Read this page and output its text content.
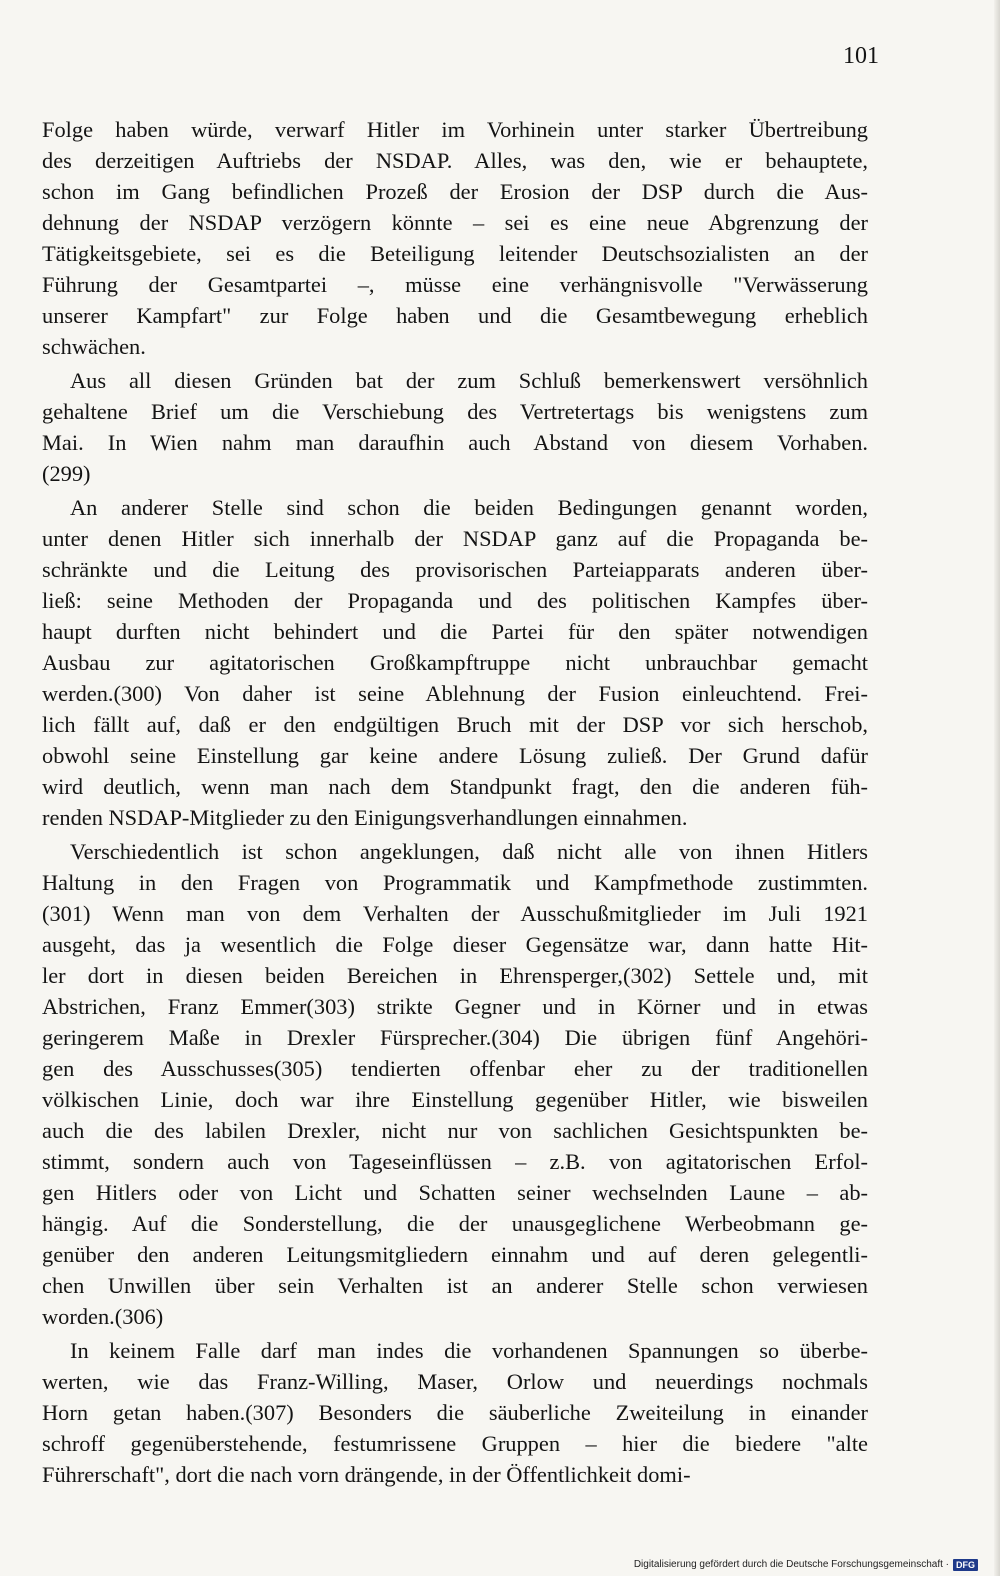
101
Folge haben würde, verwarf Hitler im Vorhinein unter starker Übertreibung
des derzeitigen Auftriebs der NSDAP. Alles, was den, wie er behauptete,
schon im Gang befindlichen Prozeß der Erosion der DSP durch die Aus-
dehnung der NSDAP verzögern könnte – sei es eine neue Abgrenzung der
Tätigkeitsgebiete, sei es die Beteiligung leitender Deutschsozialisten an der
Führung der Gesamtpartei –, müsse eine verhängnisvolle "Verwässerung
unserer Kampfart" zur Folge haben und die Gesamtbewegung erheblich
schwächen.
Aus all diesen Gründen bat der zum Schluß bemerkenswert versöhnlich
gehaltene Brief um die Verschiebung des Vertretertags bis wenigstens zum
Mai. In Wien nahm man daraufhin auch Abstand von diesem Vorhaben.
(299)
An anderer Stelle sind schon die beiden Bedingungen genannt worden,
unter denen Hitler sich innerhalb der NSDAP ganz auf die Propaganda be-
schränkte und die Leitung des provisorischen Parteiapparats anderen über-
ließ: seine Methoden der Propaganda und des politischen Kampfes über-
haupt durften nicht behindert und die Partei für den später notwendigen
Ausbau zur agitatorischen Großkampftruppe nicht unbrauchbar gemacht
werden.(300) Von daher ist seine Ablehnung der Fusion einleuchtend. Frei-
lich fällt auf, daß er den endgültigen Bruch mit der DSP vor sich herschob,
obwohl seine Einstellung gar keine andere Lösung zuließ. Der Grund dafür
wird deutlich, wenn man nach dem Standpunkt fragt, den die anderen füh-
renden NSDAP-Mitglieder zu den Einigungsverhandlungen einnahmen.
Verschiedentlich ist schon angeklungen, daß nicht alle von ihnen Hitlers
Haltung in den Fragen von Programmatik und Kampfmethode zustimmten.
(301) Wenn man von dem Verhalten der Ausschußmitglieder im Juli 1921
ausgeht, das ja wesentlich die Folge dieser Gegensätze war, dann hatte Hit-
ler dort in diesen beiden Bereichen in Ehrensperger,(302) Settele und, mit
Abstrichen, Franz Emmer(303) strikte Gegner und in Körner und in etwas
geringerem Maße in Drexler Fürsprecher.(304) Die übrigen fünf Angehöri-
gen des Ausschusses(305) tendierten offenbar eher zu der traditionellen
völkischen Linie, doch war ihre Einstellung gegenüber Hitler, wie bisweilen
auch die des labilen Drexler, nicht nur von sachlichen Gesichtspunkten be-
stimmt, sondern auch von Tageseinflüssen – z.B. von agitatorischen Erfol-
gen Hitlers oder von Licht und Schatten seiner wechselnden Laune – ab-
hängig. Auf die Sonderstellung, die der unausgeglichene Werbeobmann ge-
genüber den anderen Leitungsmitgliedern einnahm und auf deren gelegentli-
chen Unwillen über sein Verhalten ist an anderer Stelle schon verwiesen
worden.(306)
In keinem Falle darf man indes die vorhandenen Spannungen so überbe-
werten, wie das Franz-Willing, Maser, Orlow und neuerdings nochmals
Horn getan haben.(307) Besonders die säuberliche Zweiteilung in einander
schroff gegenüberstehende, festumrissene Gruppen – hier die biedere "alte
Führerschaft", dort die nach vorn drängende, in der Öffentlichkeit domi-
Digitalisierung gefördert durch die Deutsche Forschungsgemeinschaft · DFG
